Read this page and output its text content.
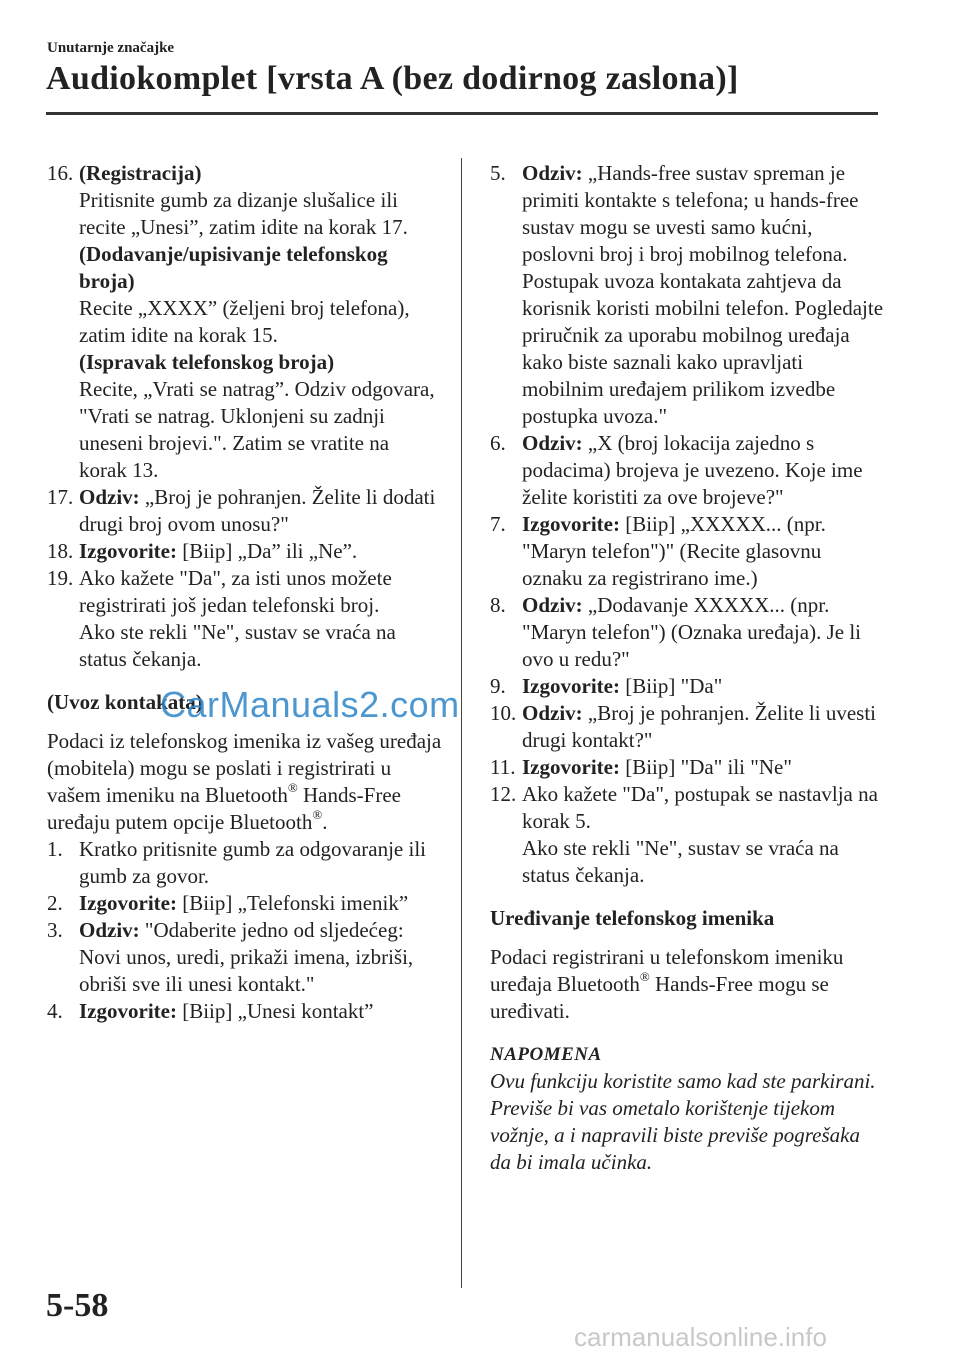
Unutarnje značajke
Audiokomplet [vrsta A (bez dodirnog zaslona)]
16. (Registracija)

Pritisnite gumb za dizanje slušalice ili recite „Unesi”, zatim idite na korak 17.

(Dodavanje/upisivanje telefonskog broja)

Recite „XXXX” (željeni broj telefona), zatim idite na korak 15.

(Ispravak telefonskog broja)

Recite, „Vrati se natrag”. Odziv odgovara, "Vrati se natrag. Uklonjeni su zadnji uneseni brojevi.". Zatim se vratite na korak 13.

17. Odziv: „Broj je pohranjen. Želite li dodati drugi broj ovom unosu?"
18. Izgovorite: [Biip] „Da” ili „Ne”.
19. Ako kažete "Da", za isti unos možete registrirati još jedan telefonski broj.

Ako ste rekli "Ne", sustav se vraća na status čekanja.

(Uvoz kontakata)

Podaci iz telefonskog imenika iz vašeg uređaja (mobitela) mogu se poslati i registrirati u vašem imeniku na Bluetooth® Hands-Free uređaju putem opcije Bluetooth®.

1. Kratko pritisnite gumb za odgovaranje ili gumb za govor.
2. Izgovorite: [Biip] „Telefonski imenik”
3. Odziv: "Odaberite jedno od sljedećeg: Novi unos, uredi, prikaži imena, izbriši, obriši sve ili unesi kontakt."
4. Izgovorite: [Biip] „Unesi kontakt”
5. Odziv: „Hands-free sustav spreman je primiti kontakte s telefona; u hands-free sustav mogu se uvesti samo kućni, poslovni broj i broj mobilnog telefona. Postupak uvoza kontakata zahtjeva da korisnik koristi mobilni telefon. Pogledajte priručnik za uporabu mobilnog uređaja kako biste saznali kako upravljati mobilnim uređajem prilikom izvedbe postupka uvoza."
6. Odziv: „X (broj lokacija zajedno s podacima) brojeva je uvezeno. Koje ime želite koristiti za ove brojeve?"
7. Izgovorite: [Biip] „XXXXX... (npr. "Maryn telefon")" (Recite glasovnu oznaku za registrirano ime.)
8. Odziv: „Dodavanje XXXXX... (npr. "Maryn telefon") (Oznaka uređaja). Je li ovo u redu?"
9. Izgovorite: [Biip] "Da"
10. Odziv: „Broj je pohranjen. Želite li uvesti drugi kontakt?"
11. Izgovorite: [Biip] "Da" ili "Ne"
12. Ako kažete "Da", postupak se nastavlja na korak 5.

Ako ste rekli "Ne", sustav se vraća na status čekanja.

Uređivanje telefonskog imenika

Podaci registrirani u telefonskom imeniku uređaja Bluetooth® Hands-Free mogu se uređivati.

NAPOMENA

Ovu funkciju koristite samo kad ste parkirani. Previše bi vas ometalo korištenje tijekom vožnje, a i napravili biste previše pogrešaka da bi imala učinka.

CarManuals2.com
5-58
carmanualsonline.info
